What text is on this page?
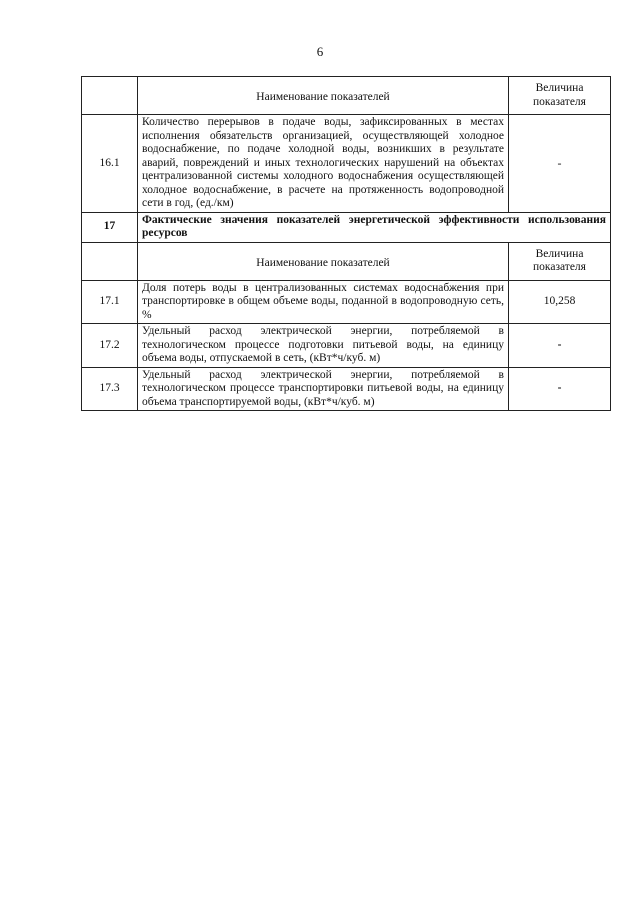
6
	Наименование показателей	Величина показателя
16.1	Количество перерывов в подаче воды, зафиксированных в местах исполнения обязательств организацией, осуществляющей холодное водоснабжение, по подаче холодной воды, возникших в результате аварий, повреждений и иных технологических нарушений на объектах централизованной системы холодного водоснабжения осуществляющей холодное водоснабжение, в расчете на протяженность водопроводной сети в год, (ед./км)	-
17	Фактические значения показателей энергетической эффективности использования ресурсов	
	Наименование показателей	Величина показателя
17.1	Доля потерь воды в централизованных системах водоснабжения при транспортировке в общем объеме воды, поданной в водопроводную сеть, %	10,258
17.2	Удельный расход электрической энергии, потребляемой в технологическом процессе подготовки питьевой воды, на единицу объема воды, отпускаемой в сеть, (кВт*ч/куб. м)	-
17.3	Удельный расход электрической энергии, потребляемой в технологическом процессе транспортировки питьевой воды, на единицу объема транспортируемой воды, (кВт*ч/куб. м)	-
